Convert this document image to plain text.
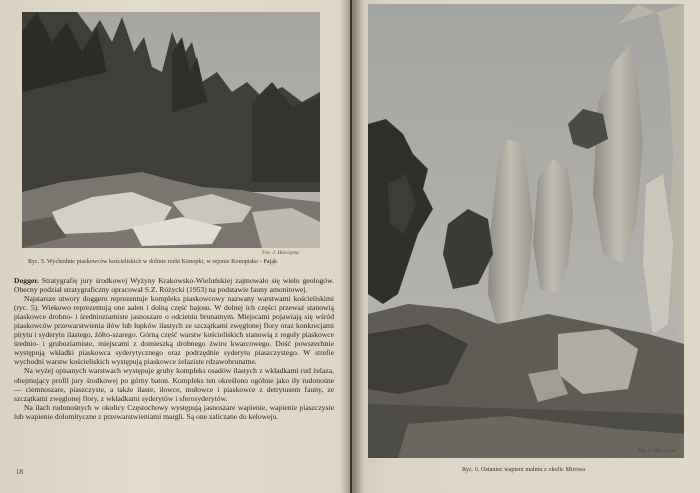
Fot. J. Horczyna
Ryc. 5. Wychodnie piaskowców kościeliskich w dolinie rzeki Konopki, w rejonie Konopisko - Pająk

Dogger. Stratygrafię jury środkowej Wyżyny Krakowsko-Wieluńskiej zajmowało się wielu geologów. Obecny podział stratygraficzny opracował S.Z. Różycki (1953) na podstawie fauny amonitowej.

Najstarsze utwory doggeru reprezentuje kompleks piaskowcowy nazwany warstwami kościeliskimi (ryc. 5). Wiekowo reprezentują one aalen i dolną część bajosu. W dolnej ich części przeważ stanowią piaskowce drobno- i średnioziarniste jasnoszare o odcieniu brunatnym. Miejscami pojawiają się wśród piaskowców przewarstwienia iłów lub łupków ilastych ze szczątkami zwęglonej flory oraz konkrecjami pirytu i syderytu ilastego, żółto-szarego. Górną część warstw kościeliskich stanowią z reguły piaskowce średnio- i gruboziarniste, miejscami z domieszką drobnego żwiru kwarcowego. Dość powszechnie występują wkładki piaskowca syderytycznego oraz podrzędnie syderytu piaszczystego. W strefie wychodni warstw kościeliskich występują piaskowce żelaziste rdzawobrunatne.

Na wyżej opisanych warstwach występuje gruby kompleks osadów ilastych z wkładkami rud żelaza, obejmujący profil jury środkowej po górny baton. Kompleks ten określono ogólnie jako iły rudonośne — ciemnoszare, piaszczyste, a także iłaste, iłowce, mułowce i piaskowce z detrytusem fauny, ze szczątkami zwęglonej flory, z wkładkami syderytów i sferosyderytów.

Na iłach rudonośnych w okolicy Częstochowy występują jasnoszare wapienie, wapienie piaszczyste lub wapienie dolomityczne z przewarstwieniami margli. Są one zaliczane do keloweju.

18
Fot. J. Horczyna
Ryc. 6. Ostaniec wapieni malmu z okolic Mirowa
